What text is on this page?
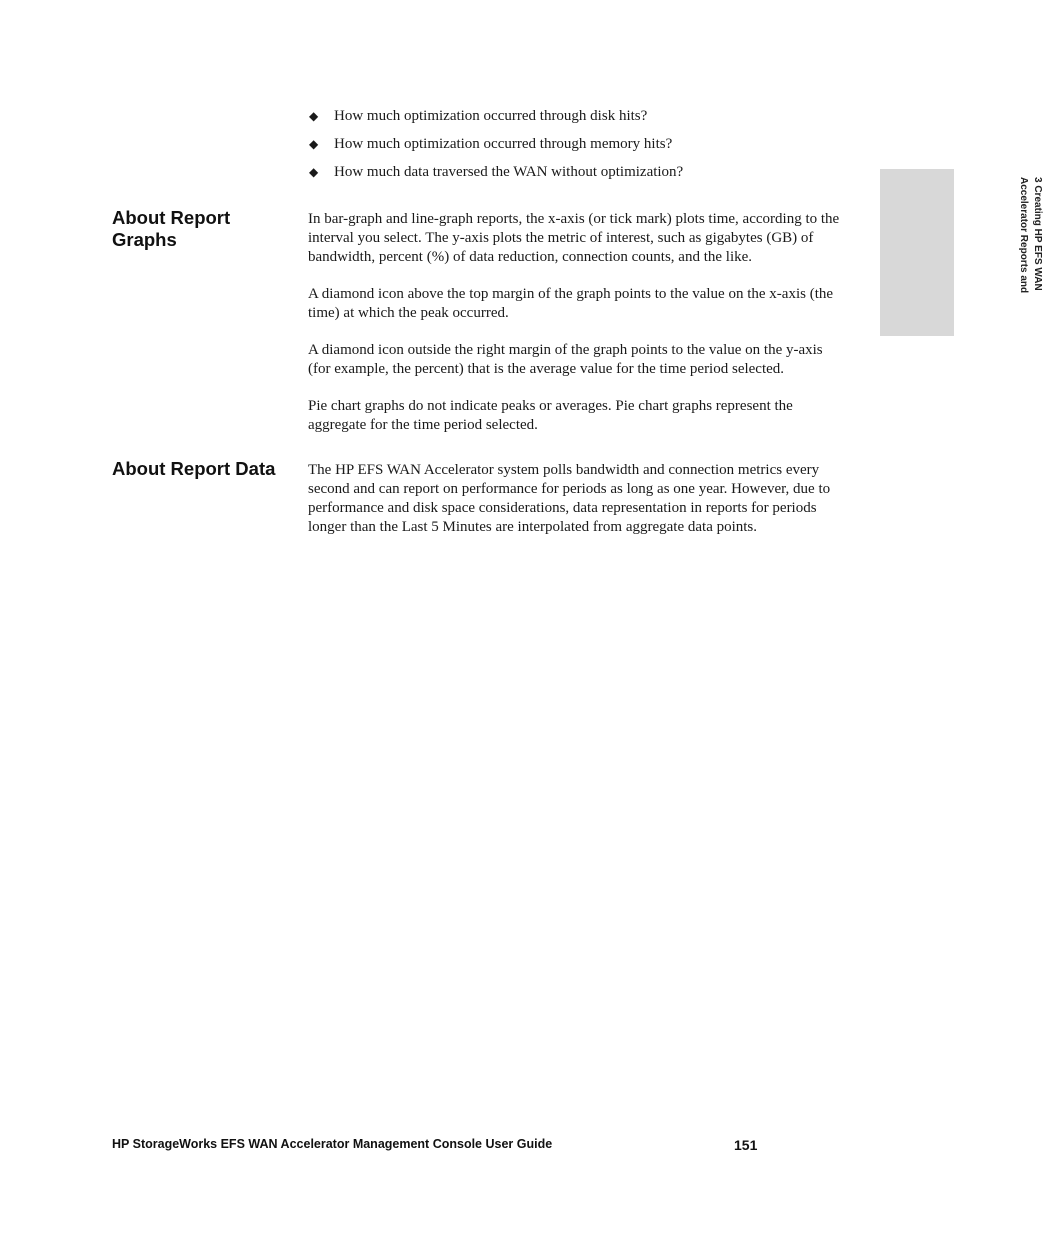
◆ How much optimization occurred through disk hits?
◆ How much optimization occurred through memory hits?
◆ How much data traversed the WAN without optimization?
About Report Graphs

In bar-graph and line-graph reports, the x-axis (or tick mark) plots time, according to the interval you select. The y-axis plots the metric of interest, such as gigabytes (GB) of bandwidth, percent (%) of data reduction, connection counts, and the like.

A diamond icon above the top margin of the graph points to the value on the x-axis (the time) at which the peak occurred.

A diamond icon outside the right margin of the graph points to the value on the y-axis (for example, the percent) that is the average value for the time period selected.

Pie chart graphs do not indicate peaks or averages. Pie chart graphs represent the aggregate for the time period selected.

About Report Data	The HP EFS WAN Accelerator system polls bandwidth and connection metrics every second and can report on performance for periods as long as one year. However, due to performance and disk space considerations, data representation in reports for periods longer than the Last 5 Minutes are interpolated from aggregate data points.

3 Creating HP EFS WAN
Accelerator Reports and
HP StorageWorks EFS WAN Accelerator Management Console User Guide	151
